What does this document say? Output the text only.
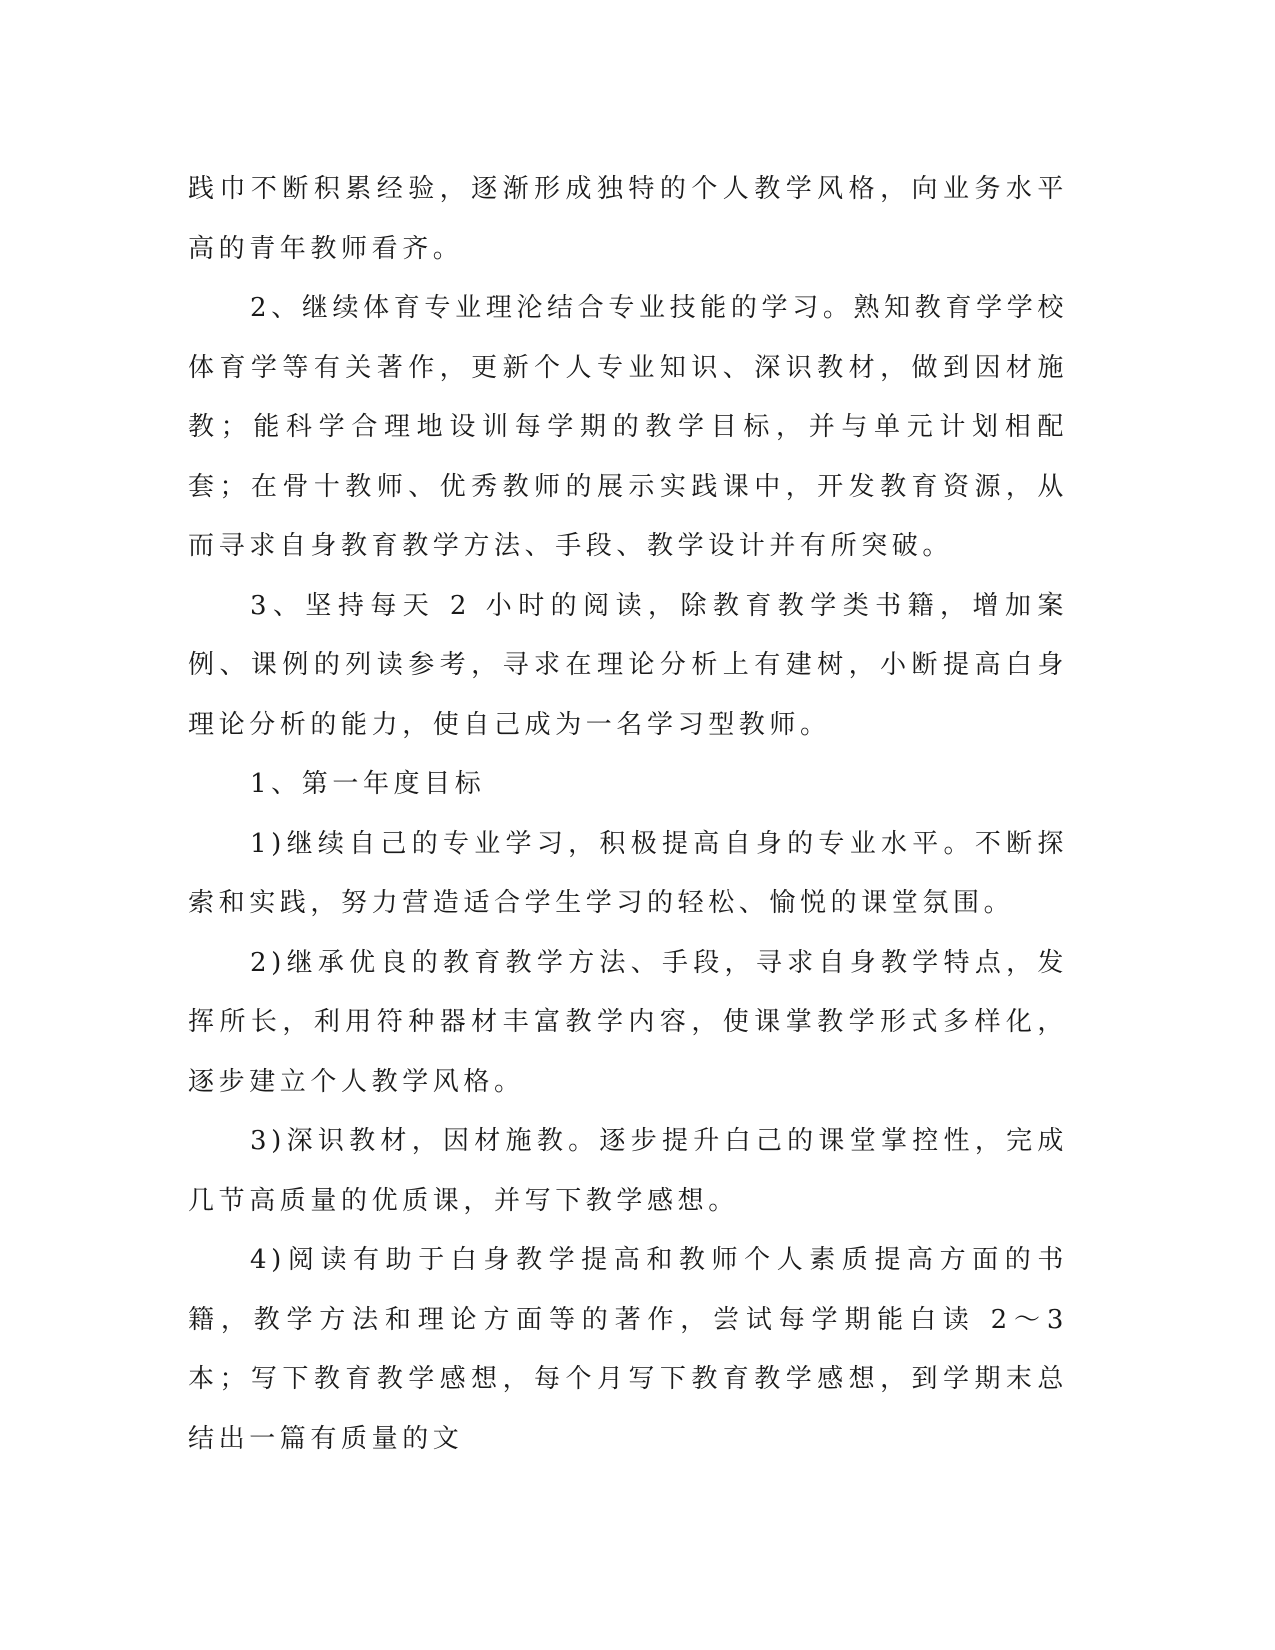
践巾不断积累经验，逐渐形成独特的个人教学风格，向业务水平高的青年教师看齐。

2、继续体育专业理沦结合专业技能的学习。熟知教育学学校体育学等有关著作，更新个人专业知识、深识教材，做到因材施教；能科学合理地设训每学期的教学目标，并与单元计划相配套；在骨十教师、优秀教师的展示实践课中，开发教育资源，从而寻求自身教育教学方法、手段、教学设计并有所突破。

3、坚持每天 2 小时的阅读，除教育教学类书籍，增加案例、课例的列读参考，寻求在理论分析上有建树，小断提高白身理论分析的能力，使自己成为一名学习型教师。

1、第一年度目标

1)继续自己的专业学习，积极提高自身的专业水平。不断探索和实践，努力营造适合学生学习的轻松、愉悦的课堂氛围。

2)继承优良的教育教学方法、手段，寻求自身教学特点，发挥所长，利用符种器材丰富教学内容，使课掌教学形式多样化，逐步建立个人教学风格。

3)深识教材，因材施教。逐步提升白己的课堂掌控性，完成几节高质量的优质课，并写下教学感想。

4)阅读有助于白身教学提高和教师个人素质提高方面的书籍，教学方法和理论方面等的著作，尝试每学期能白读 2～3 本；写下教育教学感想，每个月写下教育教学感想，到学期末总结出一篇有质量的文
